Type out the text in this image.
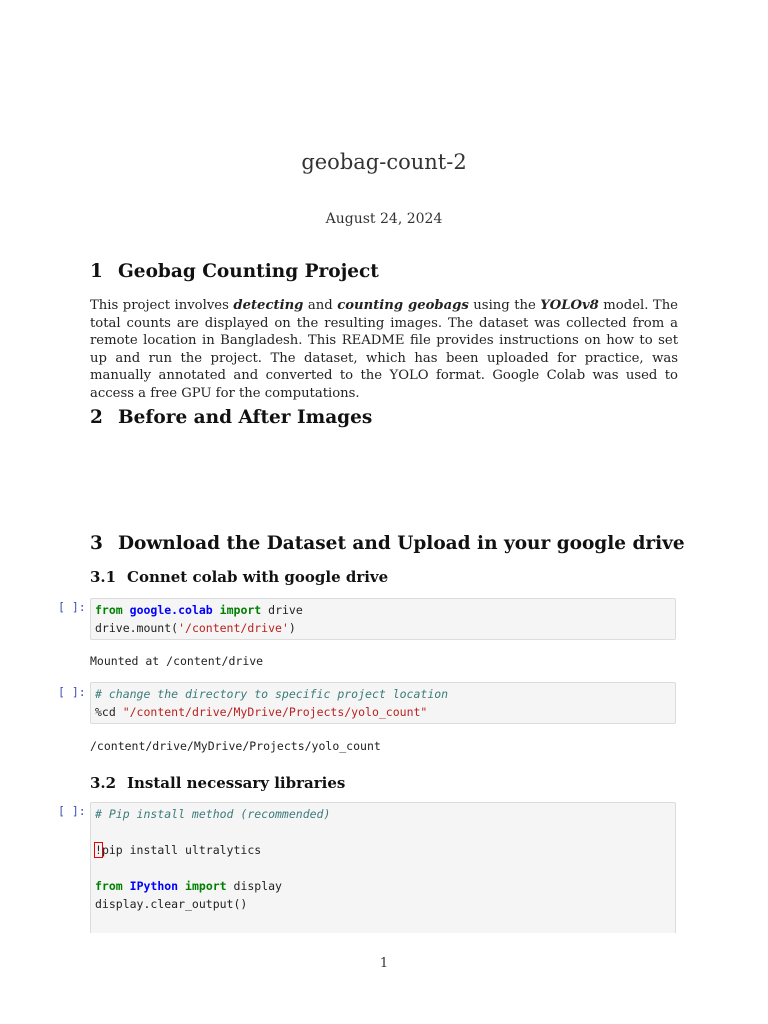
geobag-count-2
August 24, 2024
1 Geobag Counting Project
This project involves detecting and counting geobags using the YOLOv8 model. The total counts are displayed on the resulting images. The dataset was collected from a remote location in Bangladesh. This README file provides instructions on how to set up and run the project. The dataset, which has been uploaded for practice, was manually annotated and converted to the YOLO format. Google Colab was used to access a free GPU for the computations.
2 Before and After Images
3 Download the Dataset and Upload in your google drive
3.1 Connet colab with google drive
[ ]: from google.colab import drive
drive.mount('/content/drive')
Mounted at /content/drive
[ ]: # change the directory to specific project location
%cd "/content/drive/MyDrive/Projects/yolo_count"
/content/drive/MyDrive/Projects/yolo_count
3.2 Install necessary libraries
[ ]: # Pip install method (recommended)

!pip install ultralytics

from IPython import display
display.clear_output()
1
